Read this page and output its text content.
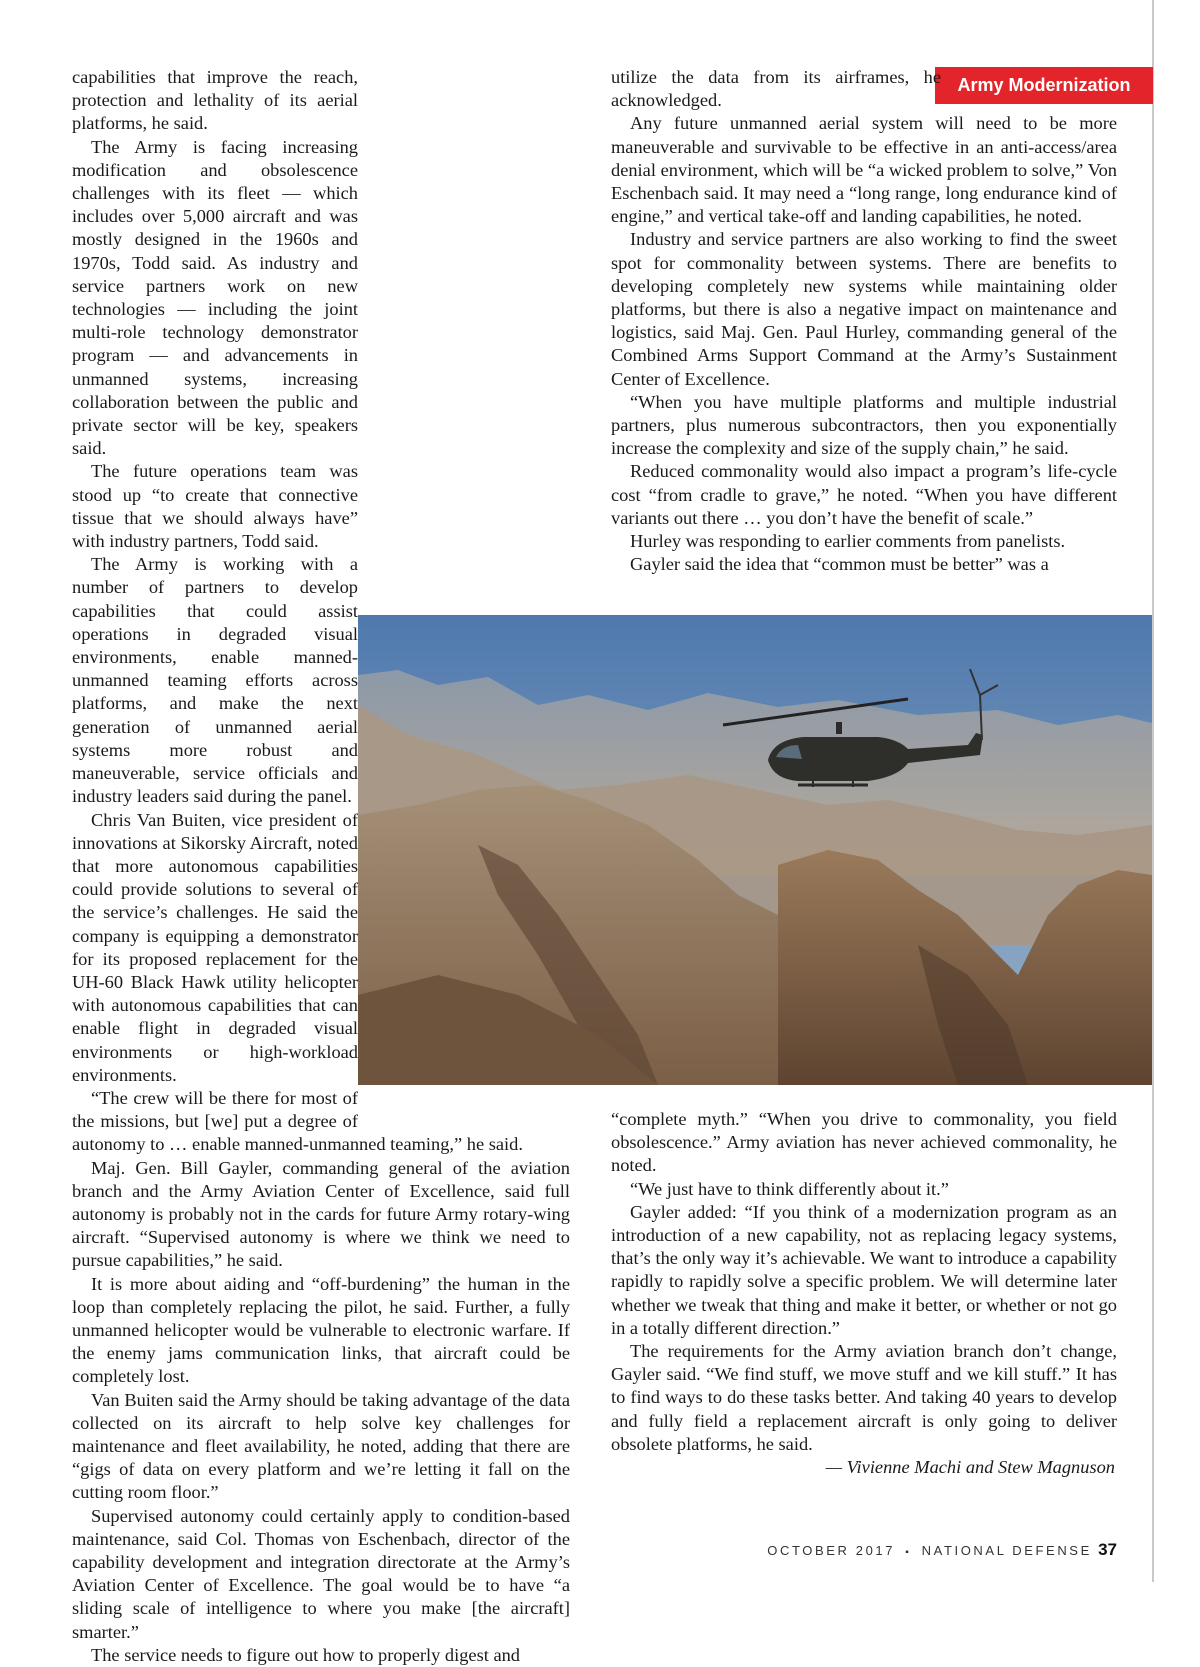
Army Modernization

capabilities that improve the reach, protection and lethality of its aerial platforms, he said.

The Army is facing increasing modification and obsolescence challenges with its fleet — which includes over 5,000 aircraft and was mostly designed in the 1960s and 1970s, Todd said. As industry and service partners work on new technologies — including the joint multi-role technology demonstrator program — and advancements in unmanned systems, increasing collaboration between the public and private sector will be key, speakers said.

The future operations team was stood up “to create that connective tissue that we should always have” with industry partners, Todd said.

The Army is working with a number of partners to develop capabilities that could assist operations in degraded visual environments, enable manned-unmanned teaming efforts across platforms, and make the next generation of unmanned aerial systems more robust and maneuverable, service officials and industry leaders said during the panel.

Chris Van Buiten, vice president of innovations at Sikorsky Aircraft, noted that more autonomous capabilities could provide solutions to several of the service’s challenges. He said the company is equipping a demonstrator for its proposed replacement for the UH-60 Black Hawk utility helicopter with autonomous capabilities that can enable flight in degraded visual environments or high-workload environments.

“The crew will be there for most of the missions, but [we] put a degree of autonomy to … enable manned-unmanned teaming,” he said.

Maj. Gen. Bill Gayler, commanding general of the aviation branch and the Army Aviation Center of Excellence, said full autonomy is probably not in the cards for future Army rotary-wing aircraft. “Supervised autonomy is where we think we need to pursue capabilities,” he said.

It is more about aiding and “off-burdening” the human in the loop than completely replacing the pilot, he said. Further, a fully unmanned helicopter would be vulnerable to electronic warfare. If the enemy jams communication links, that aircraft could be completely lost.

Van Buiten said the Army should be taking advantage of the data collected on its aircraft to help solve key challenges for maintenance and fleet availability, he noted, adding that there are “gigs of data on every platform and we’re letting it fall on the cutting room floor.”

Supervised autonomy could certainly apply to condition-based maintenance, said Col. Thomas von Eschenbach, director of the capability development and integration directorate at the Army’s Aviation Center of Excellence. The goal would be to have “a sliding scale of intelligence to where you make [the aircraft] smarter.”

The service needs to figure out how to properly digest and

utilize the data from its airframes, he acknowledged.

Any future unmanned aerial system will need to be more maneuverable and survivable to be effective in an anti-access/area denial environment, which will be “a wicked problem to solve,” Von Eschenbach said. It may need a “long range, long endurance kind of engine,” and vertical take-off and landing capabilities, he noted.

Industry and service partners are also working to find the sweet spot for commonality between systems. There are benefits to developing completely new systems while maintaining older platforms, but there is also a negative impact on maintenance and logistics, said Maj. Gen. Paul Hurley, commanding general of the Combined Arms Support Command at the Army’s Sustainment Center of Excellence.

“When you have multiple platforms and multiple industrial partners, plus numerous subcontractors, then you exponentially increase the complexity and size of the supply chain,” he said.

Reduced commonality would also impact a program’s life-cycle cost “from cradle to grave,” he noted. “When you have different variants out there … you don’t have the benefit of scale.”

Hurley was responding to earlier comments from panelists.

Gayler said the idea that “common must be better” was a

“complete myth.” “When you drive to commonality, you field obsolescence.” Army aviation has never achieved commonality, he noted.

“We just have to think differently about it.”

Gayler added: “If you think of a modernization program as an introduction of a new capability, not as replacing legacy systems, that’s the only way it’s achievable. We want to introduce a capability rapidly to rapidly solve a specific problem. We will determine later whether we tweak that thing and make it better, or whether or not go in a totally different direction.”

The requirements for the Army aviation branch don’t change, Gayler said. “We find stuff, we move stuff and we kill stuff.” It has to find ways to do these tasks better. And taking 40 years to develop and fully field a replacement aircraft is only going to deliver obsolete platforms, he said.

— Vivienne Machi and Stew Magnuson

OCTOBER 2017 ▪ NATIONAL DEFENSE 37
